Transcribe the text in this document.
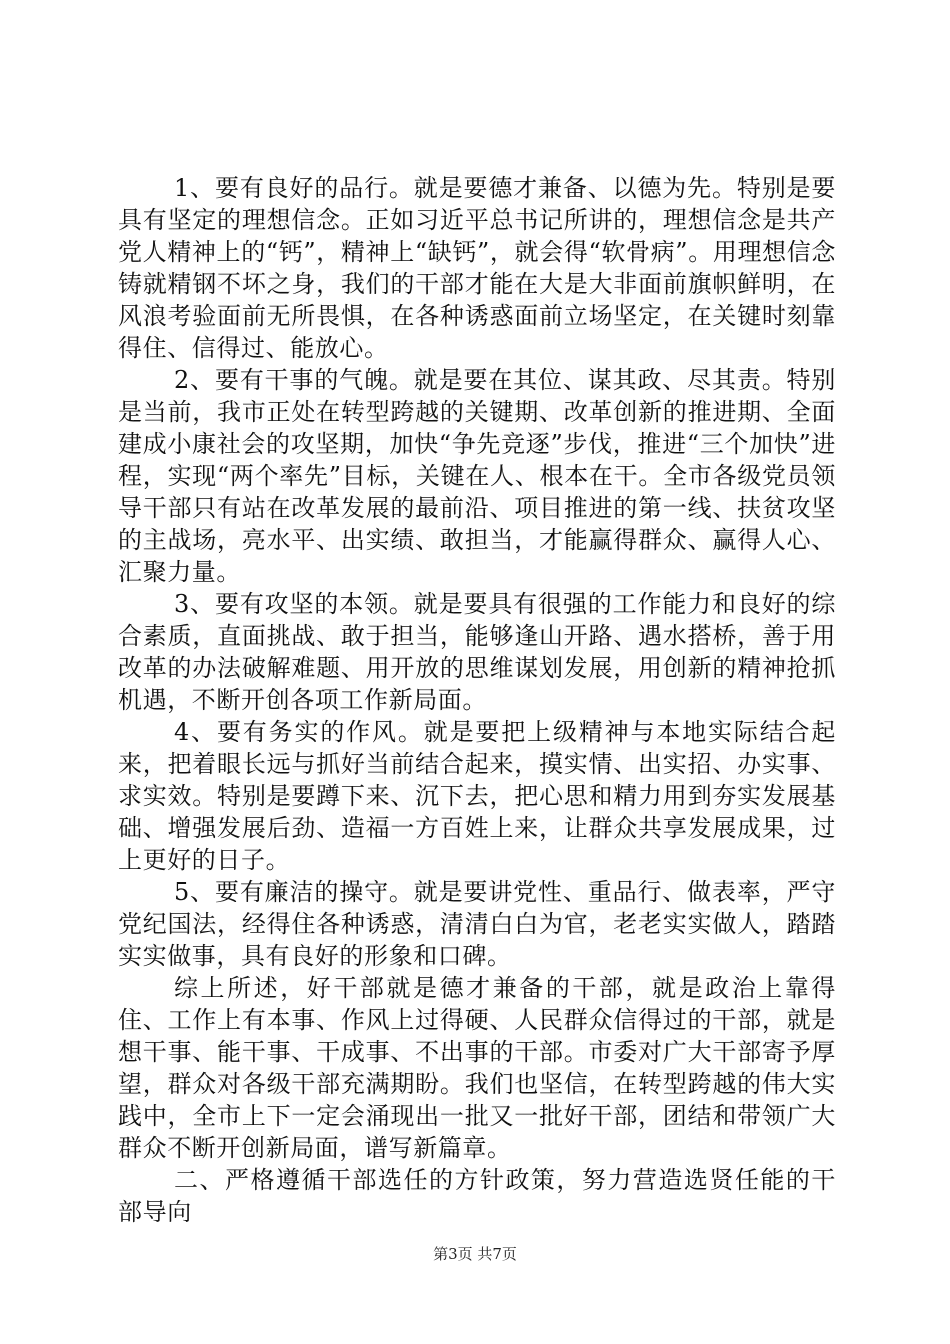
1、要有良好的品行。就是要德才兼备、以德为先。特别是要具有坚定的理想信念。正如习近平总书记所讲的，理想信念是共产党人精神上的“钙”，精神上“缺钙”，就会得“软骨病”。用理想信念铸就精钢不坏之身，我们的干部才能在大是大非面前旗帜鲜明，在风浪考验面前无所畏惧，在各种诱惑面前立场坚定，在关键时刻靠得住、信得过、能放心。

2、要有干事的气魄。就是要在其位、谋其政、尽其责。特别是当前，我市正处在转型跨越的关键期、改革创新的推进期、全面建成小康社会的攻坚期，加快“争先竞逐”步伐，推进“三个加快”进程，实现“两个率先”目标，关键在人、根本在干。全市各级党员领导干部只有站在改革发展的最前沿、项目推进的第一线、扶贫攻坚的主战场，亮水平、出实绩、敢担当，才能赢得群众、赢得人心、汇聚力量。

3、要有攻坚的本领。就是要具有很强的工作能力和良好的综合素质，直面挑战、敢于担当，能够逢山开路、遇水搭桥，善于用改革的办法破解难题、用开放的思维谋划发展，用创新的精神抢抓机遇，不断开创各项工作新局面。

4、要有务实的作风。就是要把上级精神与本地实际结合起来，把着眼长远与抓好当前结合起来，摸实情、出实招、办实事、求实效。特别是要蹲下来、沉下去，把心思和精力用到夯实发展基础、增强发展后劲、造福一方百姓上来，让群众共享发展成果，过上更好的日子。

5、要有廉洁的操守。就是要讲党性、重品行、做表率，严守党纪国法，经得住各种诱惑，清清白白为官，老老实实做人，踏踏实实做事，具有良好的形象和口碑。

综上所述，好干部就是德才兼备的干部，就是政治上靠得住、工作上有本事、作风上过得硬、人民群众信得过的干部，就是想干事、能干事、干成事、不出事的干部。市委对广大干部寄予厚望，群众对各级干部充满期盼。我们也坚信，在转型跨越的伟大实践中，全市上下一定会涌现出一批又一批好干部，团结和带领广大群众不断开创新局面，谱写新篇章。

二、严格遵循干部选任的方针政策，努力营造选贤任能的干部导向

第3页 共7页
